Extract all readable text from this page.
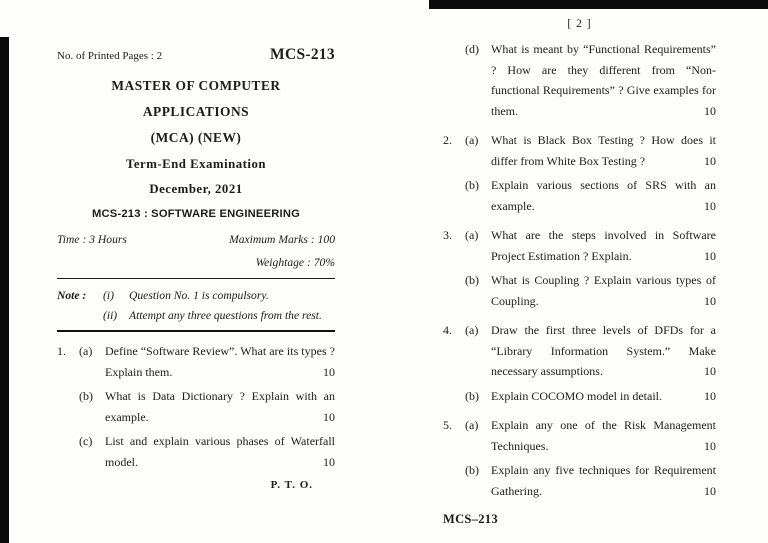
No. of Printed Pages : 2	MCS-213
MASTER OF COMPUTER
APPLICATIONS
(MCA) (NEW)
Term-End Examination
December, 2021
MCS-213 : SOFTWARE ENGINEERING
Time : 3 Hours	Maximum Marks : 100
Weightage : 70%
Note :	(i)	Question No. 1 is compulsory.
(ii)	Attempt any three questions from the rest.
1.	(a)	Define “Software Review”. What are its types ? Explain them.	10
(b)	What is Data Dictionary ? Explain with an example.	10
(c)	List and explain various phases of Waterfall model.	10
P. T. O.
[ 2 ]
(d)	What is meant by “Functional Requirements” ? How are they different from “Non-functional Requirements” ? Give examples for them.	10
2.	(a)	What is Black Box Testing ? How does it differ from White Box Testing ?	10
(b)	Explain various sections of SRS with an example.	10
3.	(a)	What are the steps involved in Software Project Estimation ? Explain.	10
(b)	What is Coupling ? Explain various types of Coupling.	10
4.	(a)	Draw the first three levels of DFDs for a “Library Information System.” Make necessary assumptions.	10
(b)	Explain COCOMO model in detail.	10
5.	(a)	Explain any one of the Risk Management Techniques.	10
(b)	Explain any five techniques for Requirement Gathering.	10
MCS–213
